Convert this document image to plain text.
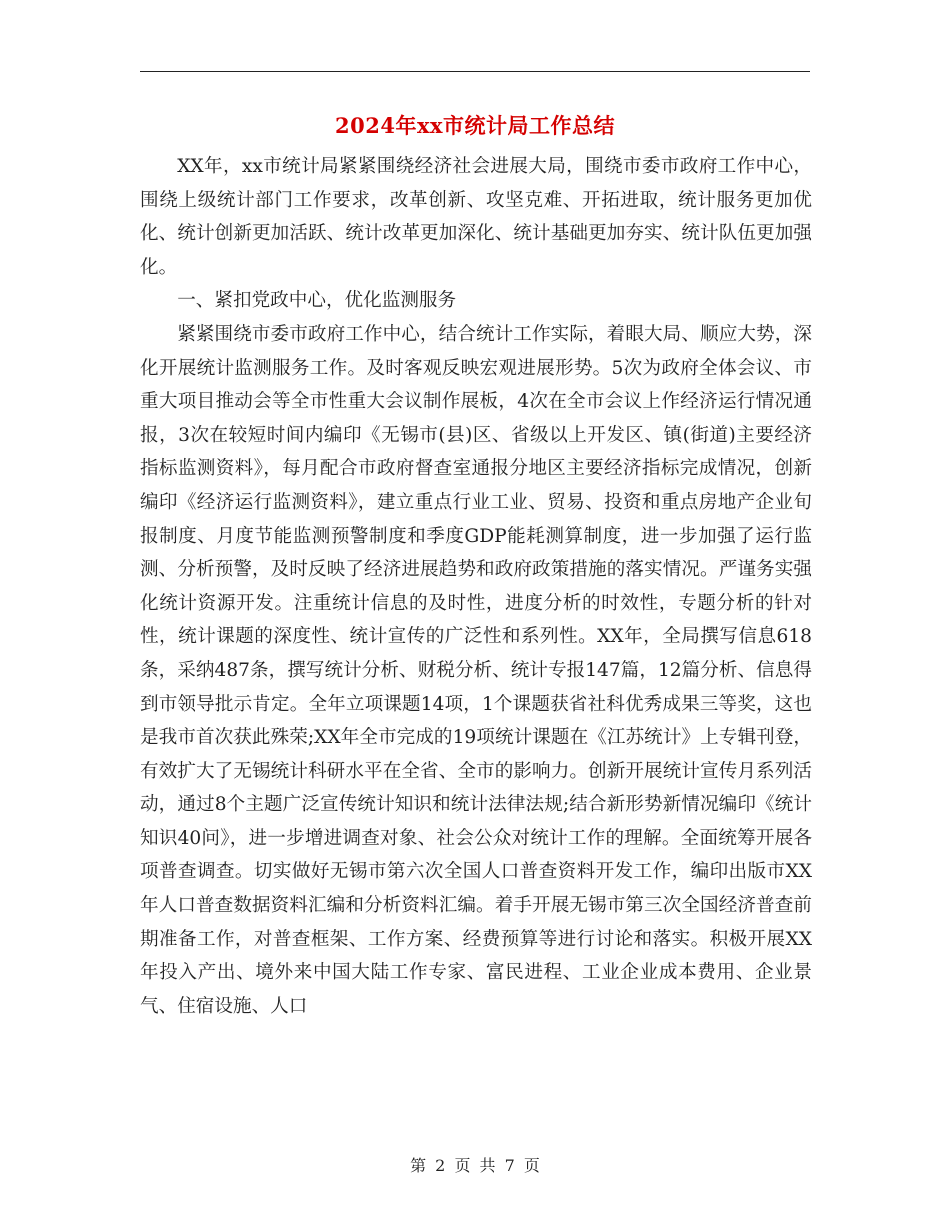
2024年xx市统计局工作总结

XX年，xx市统计局紧紧围绕经济社会进展大局，围绕市委市政府工作中心，围绕上级统计部门工作要求，改革创新、攻坚克难、开拓进取，统计服务更加优化、统计创新更加活跃、统计改革更加深化、统计基础更加夯实、统计队伍更加强化。

一、紧扣党政中心，优化监测服务

紧紧围绕市委市政府工作中心，结合统计工作实际，着眼大局、顺应大势，深化开展统计监测服务工作。及时客观反映宏观进展形势。5次为政府全体会议、市重大项目推动会等全市性重大会议制作展板，4次在全市会议上作经济运行情况通报，3次在较短时间内编印《无锡市(县)区、省级以上开发区、镇(街道)主要经济指标监测资料》，每月配合市政府督查室通报分地区主要经济指标完成情况，创新编印《经济运行监测资料》，建立重点行业工业、贸易、投资和重点房地产企业旬报制度、月度节能监测预警制度和季度GDP能耗测算制度，进一步加强了运行监测、分析预警，及时反映了经济进展趋势和政府政策措施的落实情况。严谨务实强化统计资源开发。注重统计信息的及时性，进度分析的时效性，专题分析的针对性，统计课题的深度性、统计宣传的广泛性和系列性。XX年，全局撰写信息618条，采纳487条，撰写统计分析、财税分析、统计专报147篇，12篇分析、信息得到市领导批示肯定。全年立项课题14项，1个课题获省社科优秀成果三等奖，这也是我市首次获此殊荣;XX年全市完成的19项统计课题在《江苏统计》上专辑刊登，有效扩大了无锡统计科研水平在全省、全市的影响力。创新开展统计宣传月系列活动，通过8个主题广泛宣传统计知识和统计法律法规;结合新形势新情况编印《统计知识40问》，进一步增进调查对象、社会公众对统计工作的理解。全面统筹开展各项普查调查。切实做好无锡市第六次全国人口普查资料开发工作，编印出版市XX年人口普查数据资料汇编和分析资料汇编。着手开展无锡市第三次全国经济普查前期准备工作，对普查框架、工作方案、经费预算等进行讨论和落实。积极开展XX年投入产出、境外来中国大陆工作专家、富民进程、工业企业成本费用、企业景气、住宿设施、人口

第 2 页 共 7 页
